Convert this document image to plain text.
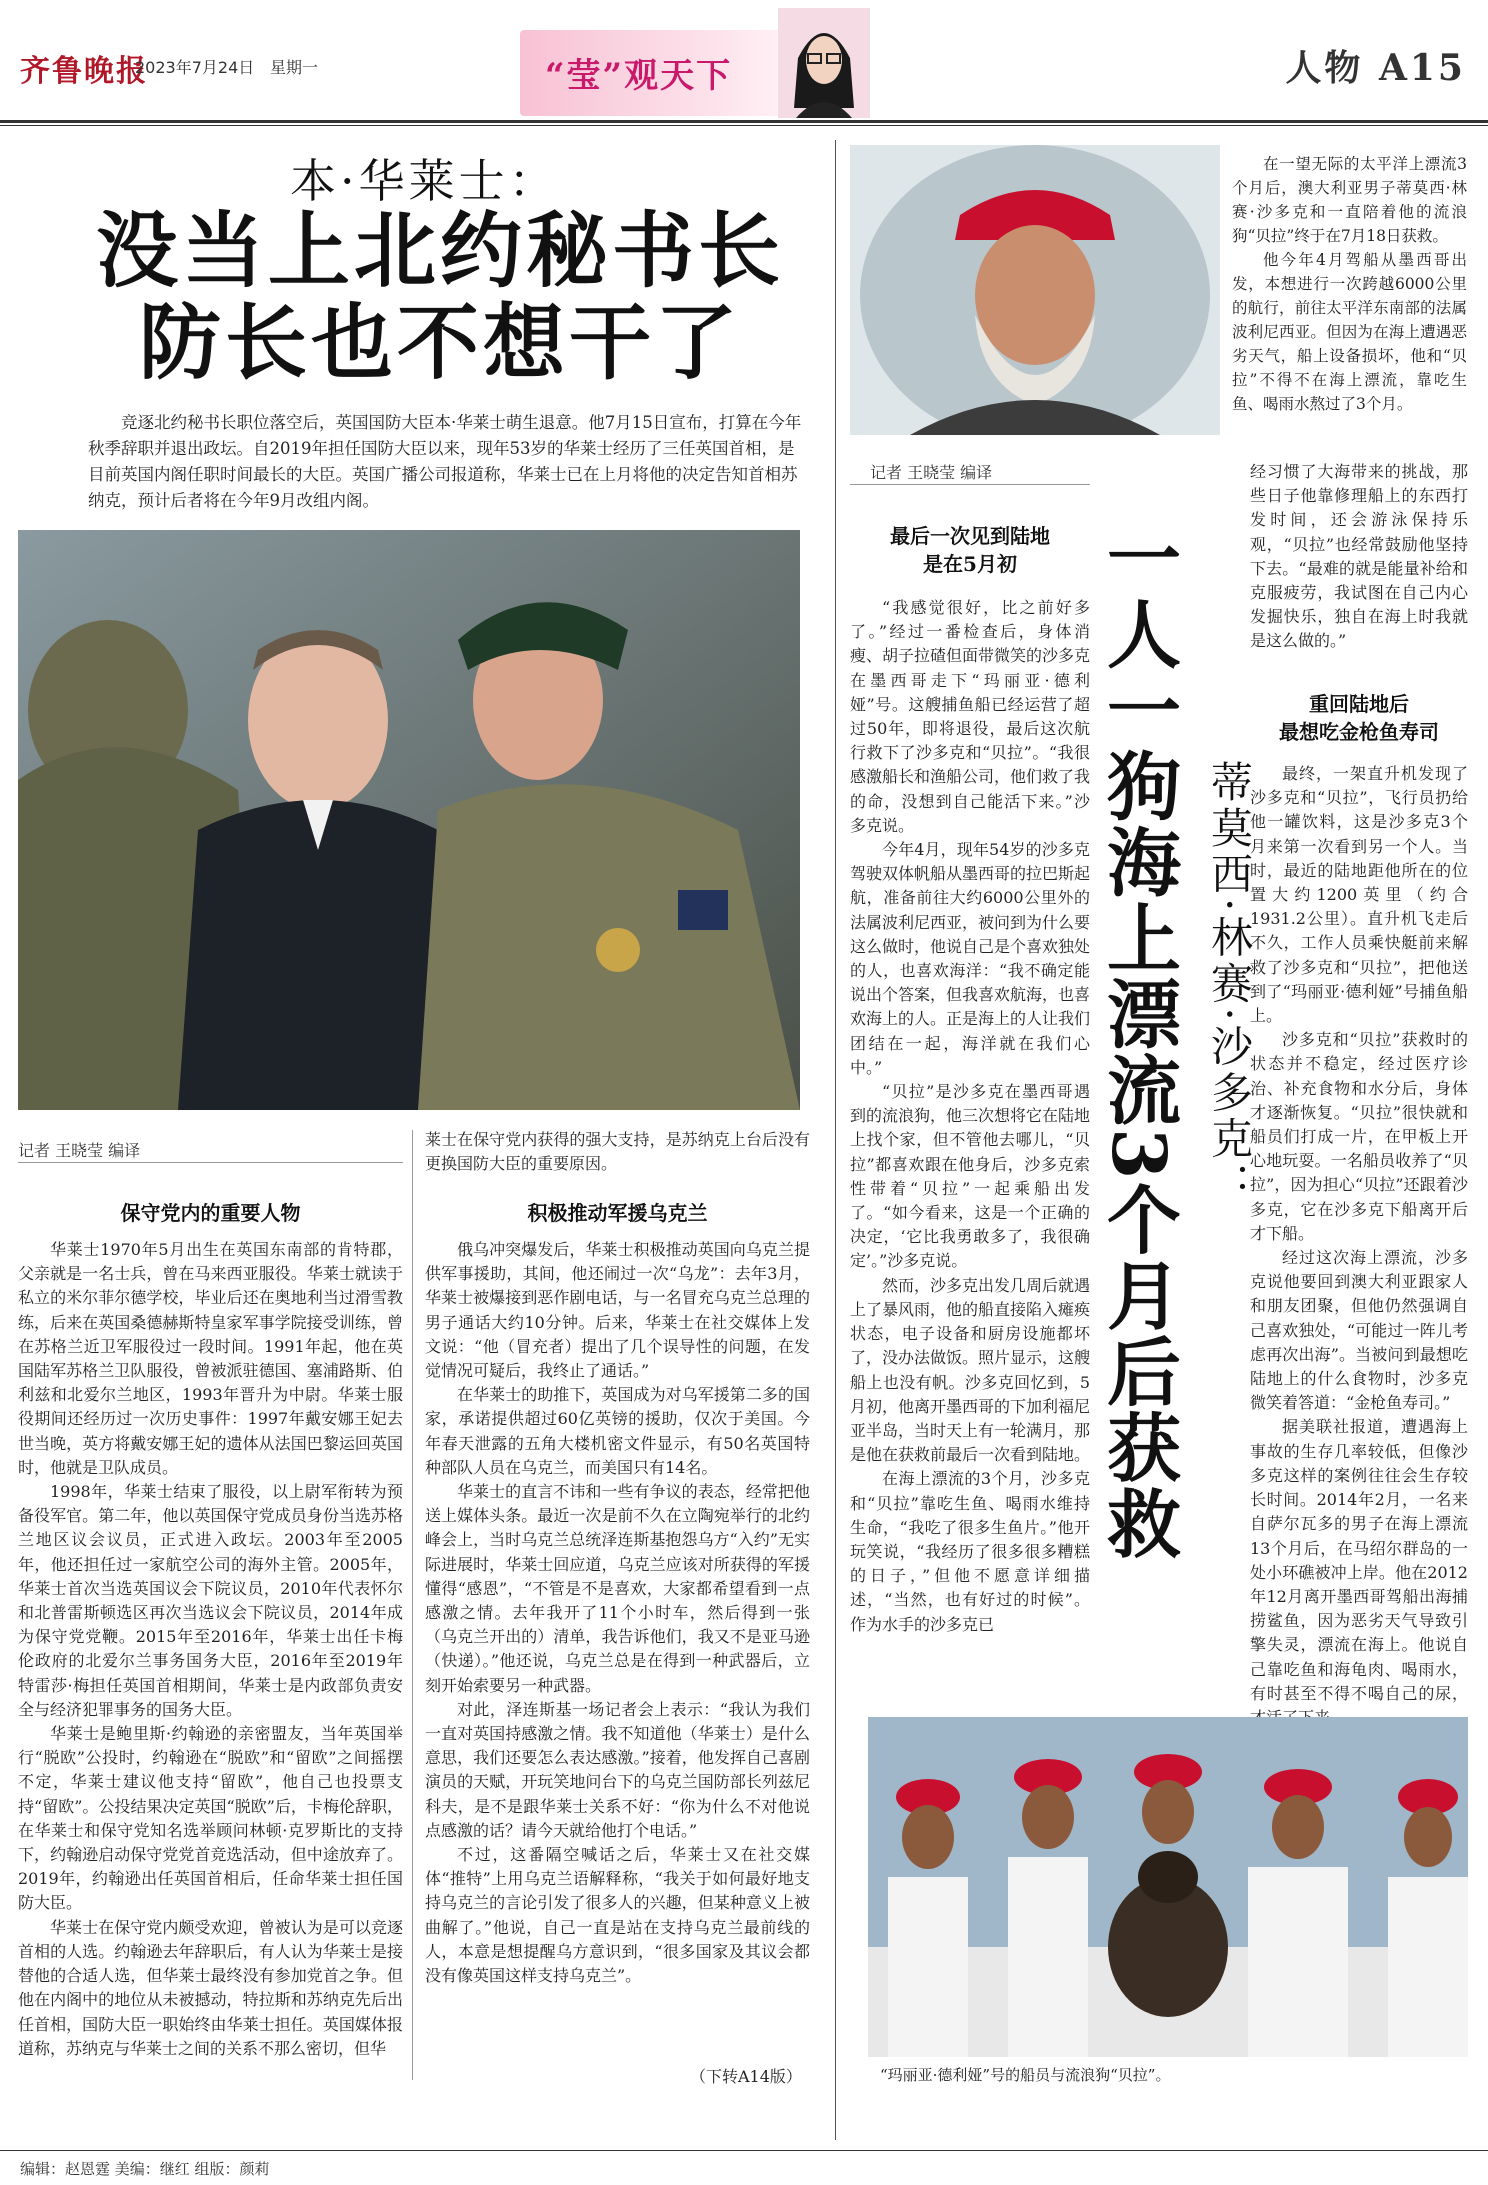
齐鲁晚报
2023年7月24日 星期一	“莹”观天下	人物 A15
本·华莱士：
没当上北约秘书长
防长也不想干了
竞逐北约秘书长职位落空后，英国国防大臣本·华莱士萌生退意。他7月15日宣布，打算在今年秋季辞职并退出政坛。自2019年担任国防大臣以来，现年53岁的华莱士经历了三任英国首相，是目前英国内阁任职时间最长的大臣。英国广播公司报道称，华莱士已在上月将他的决定告知首相苏纳克，预计后者将在今年9月改组内阁。
记者 王晓莹 编译
保守党内的重要人物

华莱士1970年5月出生在英国东南部的肯特郡，父亲就是一名士兵，曾在马来西亚服役。华莱士就读于私立的米尔菲尔德学校，毕业后还在奥地利当过滑雪教练，后来在英国桑德赫斯特皇家军事学院接受训练，曾在苏格兰近卫军服役过一段时间。1991年起，他在英国陆军苏格兰卫队服役，曾被派驻德国、塞浦路斯、伯利兹和北爱尔兰地区，1993年晋升为中尉。华莱士服役期间还经历过一次历史事件：1997年戴安娜王妃去世当晚，英方将戴安娜王妃的遗体从法国巴黎运回英国时，他就是卫队成员。

1998年，华莱士结束了服役，以上尉军衔转为预备役军官。第二年，他以英国保守党成员身份当选苏格兰地区议会议员，正式进入政坛。2003年至2005年，他还担任过一家航空公司的海外主管。2005年，华莱士首次当选英国议会下院议员，2010年代表怀尔和北普雷斯顿选区再次当选议会下院议员，2014年成为保守党党鞭。2015年至2016年，华莱士出任卡梅伦政府的北爱尔兰事务国务大臣，2016年至2019年特雷莎·梅担任英国首相期间，华莱士是内政部负责安全与经济犯罪事务的国务大臣。

华莱士是鲍里斯·约翰逊的亲密盟友，当年英国举行“脱欧”公投时，约翰逊在“脱欧”和“留欧”之间摇摆不定，华莱士建议他支持“留欧”，他自己也投票支持“留欧”。公投结果决定英国“脱欧”后，卡梅伦辞职，在华莱士和保守党知名选举顾问林顿·克罗斯比的支持下，约翰逊启动保守党党首竞选活动，但中途放弃了。2019年，约翰逊出任英国首相后，任命华莱士担任国防大臣。

华莱士在保守党内颇受欢迎，曾被认为是可以竞逐首相的人选。约翰逊去年辞职后，有人认为华莱士是接替他的合适人选，但华莱士最终没有参加党首之争。但他在内阁中的地位从未被撼动，特拉斯和苏纳克先后出任首相，国防大臣一职始终由华莱士担任。英国媒体报道称，苏纳克与华莱士之间的关系不那么密切，但华

莱士在保守党内获得的强大支持，是苏纳克上台后没有更换国防大臣的重要原因。
积极推动军援乌克兰

俄乌冲突爆发后，华莱士积极推动英国向乌克兰提供军事援助，其间，他还闹过一次“乌龙”：去年3月，华莱士被爆接到恶作剧电话，与一名冒充乌克兰总理的男子通话大约10分钟。后来，华莱士在社交媒体上发文说：“他（冒充者）提出了几个误导性的问题，在发觉情况可疑后，我终止了通话。”

在华莱士的助推下，英国成为对乌军援第二多的国家，承诺提供超过60亿英镑的援助，仅次于美国。今年春天泄露的五角大楼机密文件显示，有50名英国特种部队人员在乌克兰，而美国只有14名。

华莱士的直言不讳和一些有争议的表态，经常把他送上媒体头条。最近一次是前不久在立陶宛举行的北约峰会上，当时乌克兰总统泽连斯基抱怨乌方“入约”无实际进展时，华莱士回应道，乌克兰应该对所获得的军援懂得“感恩”，“不管是不是喜欢，大家都希望看到一点感激之情。去年我开了11个小时车，然后得到一张（乌克兰开出的）清单，我告诉他们，我又不是亚马逊（快递）。”他还说，乌克兰总是在得到一种武器后，立刻开始索要另一种武器。

对此，泽连斯基一场记者会上表示：“我认为我们一直对英国持感激之情。我不知道他（华莱士）是什么意思，我们还要怎么表达感激。”接着，他发挥自己喜剧演员的天赋，开玩笑地问台下的乌克兰国防部长列兹尼科夫，是不是跟华莱士关系不好：“你为什么不对他说点感激的话？请今天就给他打个电话。”

不过，这番隔空喊话之后，华莱士又在社交媒体“推特”上用乌克兰语解释称，“我关于如何最好地支持乌克兰的言论引发了很多人的兴趣，但某种意义上被曲解了。”他说，自己一直是站在支持乌克兰最前线的人，本意是想提醒乌方意识到，“很多国家及其议会都没有像英国这样支持乌克兰”。

（下转A14版）
在一望无际的太平洋上漂流3个月后，澳大利亚男子蒂莫西·林赛·沙多克和一直陪着他的流浪狗“贝拉”终于在7月18日获救。
他今年4月驾船从墨西哥出发，本想进行一次跨越6000公里的航行，前往太平洋东南部的法属波利尼西亚。但因为在海上遭遇恶劣天气，船上设备损坏，他和“贝拉”不得不在海上漂流，靠吃生鱼、喝雨水熬过了3个月。
记者 王晓莹 编译
最后一次见到陆地
是在5月初

“我感觉很好，比之前好多了。”经过一番检查后，身体消瘦、胡子拉碴但面带微笑的沙多克在墨西哥走下“玛丽亚·德利娅”号。这艘捕鱼船已经运营了超过50年，即将退役，最后这次航行救下了沙多克和“贝拉”。“我很感激船长和渔船公司，他们救了我的命，没想到自己能活下来。”沙多克说。

今年4月，现年54岁的沙多克驾驶双体帆船从墨西哥的拉巴斯起航，准备前往大约6000公里外的法属波利尼西亚，被问到为什么要这么做时，他说自己是个喜欢独处的人，也喜欢海洋：“我不确定能说出个答案，但我喜欢航海，也喜欢海上的人。正是海上的人让我们团结在一起，海洋就在我们心中。”

“贝拉”是沙多克在墨西哥遇到的流浪狗，他三次想将它在陆地上找个家，但不管他去哪儿，“贝拉”都喜欢跟在他身后，沙多克索性带着“贝拉”一起乘船出发了。“如今看来，这是一个正确的决定，‘它比我勇敢多了，我很确定’。”沙多克说。

然而，沙多克出发几周后就遇上了暴风雨，他的船直接陷入瘫痪状态，电子设备和厨房设施都坏了，没办法做饭。照片显示，这艘船上也没有帆。沙多克回忆到，5月初，他离开墨西哥的下加利福尼亚半岛，当时天上有一轮满月，那是他在获救前最后一次看到陆地。

在海上漂流的3个月，沙多克和“贝拉”靠吃生鱼、喝雨水维持生命，“我吃了很多生鱼片。”他开玩笑说，“我经历了很多很多糟糕的日子，”但他不愿意详细描述，“当然，也有好过的时候”。作为水手的沙多克已

一人一狗海上漂流3个月后获救 蒂莫西·林赛·沙多克：
经习惯了大海带来的挑战，那些日子他靠修理船上的东西打发时间，还会游泳保持乐观，“贝拉”也经常鼓励他坚持下去。“最难的就是能量补给和克服疲劳，我试图在自己内心发掘快乐，独自在海上时我就是这么做的。”
重回陆地后
最想吃金枪鱼寿司

最终，一架直升机发现了沙多克和“贝拉”，飞行员扔给他一罐饮料，这是沙多克3个月来第一次看到另一个人。当时，最近的陆地距他所在的位置大约1200英里（约合1931.2公里）。直升机飞走后不久，工作人员乘快艇前来解救了沙多克和“贝拉”，把他送到了“玛丽亚·德利娅”号捕鱼船上。

沙多克和“贝拉”获救时的状态并不稳定，经过医疗诊治、补充食物和水分后，身体才逐渐恢复。“贝拉”很快就和船员们打成一片，在甲板上开心地玩耍。一名船员收养了“贝拉”，因为担心“贝拉”还跟着沙多克，它在沙多克下船离开后才下船。

经过这次海上漂流，沙多克说他要回到澳大利亚跟家人和朋友团聚，但他仍然强调自己喜欢独处，“可能过一阵儿考虑再次出海”。当被问到最想吃陆地上的什么食物时，沙多克微笑着答道：“金枪鱼寿司。”

据美联社报道，遭遇海上事故的生存几率较低，但像沙多克这样的案例往往会生存较长时间。2014年2月，一名来自萨尔瓦多的男子在海上漂流13个月后，在马绍尔群岛的一处小环礁被冲上岸。他在2012年12月离开墨西哥驾船出海捕捞鲨鱼，因为恶劣天气导致引擎失灵，漂流在海上。他说自己靠吃鱼和海龟肉、喝雨水，有时甚至不得不喝自己的尿，

“玛丽亚·德利娅”号的船员与流浪狗“贝拉”。
编辑：赵恩霆 美编：继红 组版：颜莉
